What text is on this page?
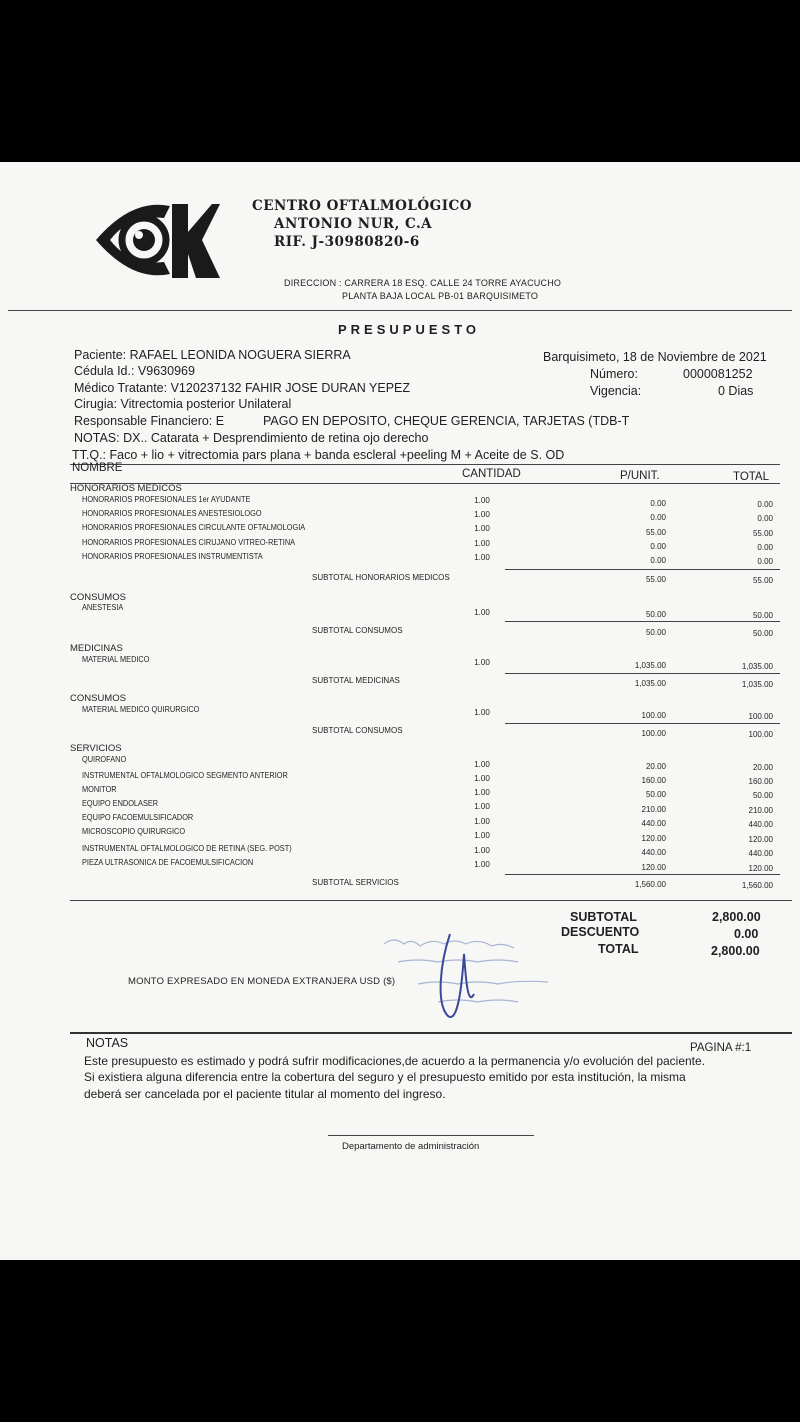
CENTRO OFTALMOLÓGICO
ANTONIO NUR, C.A
RIF. J-30980820-6
DIRECCION : CARRERA 18 ESQ. CALLE 24 TORRE AYACUCHO
PLANTA BAJA LOCAL PB-01 BARQUISIMETO
PRESUPUESTO
Paciente: RAFAEL LEONIDA NOGUERA SIERRA
Cédula Id.: V9630969
Médico Tratante: V120237132 FAHIR JOSE DURAN YEPEZ
Cirugia: Vitrectomia posterior Unilateral
Responsable Financiero: E	PAGO EN DEPOSITO, CHEQUE GERENCIA, TARJETAS (TDB-T
NOTAS: DX.. Catarata + Desprendimiento de retina ojo derecho
TT.Q.: Faco + lio + vitrectomia pars plana + banda escleral +peeling M + Aceite de S. OD
Barquisimeto, 18 de Noviembre de 2021
Número:	0000081252
Vigencia:	0 Dias
NOMBRE	CANTIDAD	P/UNIT.	TOTAL
HONORARIOS MEDICOS
HONORARIOS PROFESIONALES 1er AYUDANTE	1.00	0.00	0.00
HONORARIOS PROFESIONALES ANESTESIOLOGO	1.00	0.00	0.00
HONORARIOS PROFESIONALES CIRCULANTE OFTALMOLOGIA	1.00	55.00	55.00
HONORARIOS PROFESIONALES CIRUJANO VITREO-RETINA	1.00	0.00	0.00
HONORARIOS PROFESIONALES INSTRUMENTISTA	1.00	0.00	0.00
SUBTOTAL HONORARIOS MEDICOS	55.00	55.00
CONSUMOS
ANESTESIA
1.00	50.00	50.00
SUBTOTAL CONSUMOS	50.00	50.00
MEDICINAS
MATERIAL MEDICO	1.00	1,035.00	1,035.00
SUBTOTAL MEDICINAS	1,035.00	1,035.00
CONSUMOS
MATERIAL MEDICO QUIRURGICO	1.00	100.00	100.00
SUBTOTAL CONSUMOS	100.00	100.00
SERVICIOS
QUIROFANO
1.00	20.00	20.00
INSTRUMENTAL OFTALMOLOGICO SEGMENTO ANTERIOR	1.00	160.00	160.00
MONITOR	1.00	50.00	50.00
EQUIPO ENDOLASER	1.00	210.00	210.00
EQUIPO FACOEMULSIFICADOR	1.00	440.00	440.00
MICROSCOPIO QUIRURGICO	1.00	120.00	120.00
INSTRUMENTAL OFTALMOLOGICO DE RETINA (SEG. POST)	1.00	440.00	440.00
PIEZA ULTRASONICA DE FACOEMULSIFICACION	1.00	120.00	120.00
SUBTOTAL SERVICIOS	1,560.00	1,560.00
SUBTOTAL	2,800.00
DESCUENTO	0.00
TOTAL	2,800.00
MONTO EXPRESADO EN MONEDA EXTRANJERA USD ($)
NOTAS	PAGINA #:1
Este presupuesto es estimado y podrá sufrir modificaciones,de acuerdo a la permanencia y/o evolución del paciente.
Si existiera alguna diferencia entre la cobertura del seguro y el presupuesto emitido por esta institución, la misma
deberá ser cancelada por el paciente titular al momento del ingreso.
Departamento de administración
